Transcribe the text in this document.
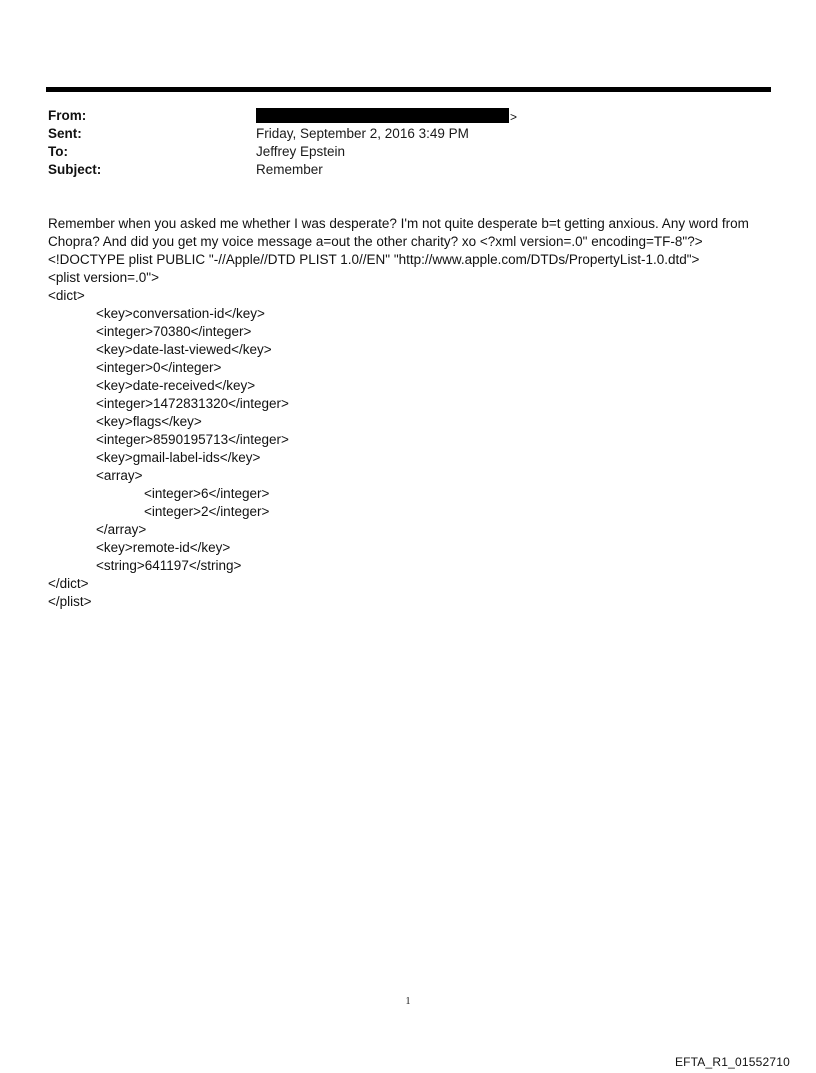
From:	>
Sent:	Friday, September 2, 2016 3:49 PM
To:	Jeffrey Epstein
Subject:	Remember

Remember when you asked me whether I was desperate? I'm not quite desperate b=t getting anxious. Any word from Chopra? And did you get my voice message a=out the other charity? xo <?xml version=.0" encoding=TF-8"?> <!DOCTYPE plist PUBLIC "-//Apple//DTD PLIST 1.0//EN" "http://www.apple.com/DTDs/PropertyList-1.0.dtd">

<plist version=.0">
<dict>
<key>conversation-id</key>
<integer>70380</integer>
<key>date-last-viewed</key>
<integer>0</integer>
<key>date-received</key>
<integer>1472831320</integer>
<key>flags</key>
<integer>8590195713</integer>
<key>gmail-label-ids</key>
<array>
<integer>6</integer>
<integer>2</integer>
</array>
<key>remote-id</key>
<string>641197</string>
</dict>
</plist>
1
EFTA_R1_01552710
